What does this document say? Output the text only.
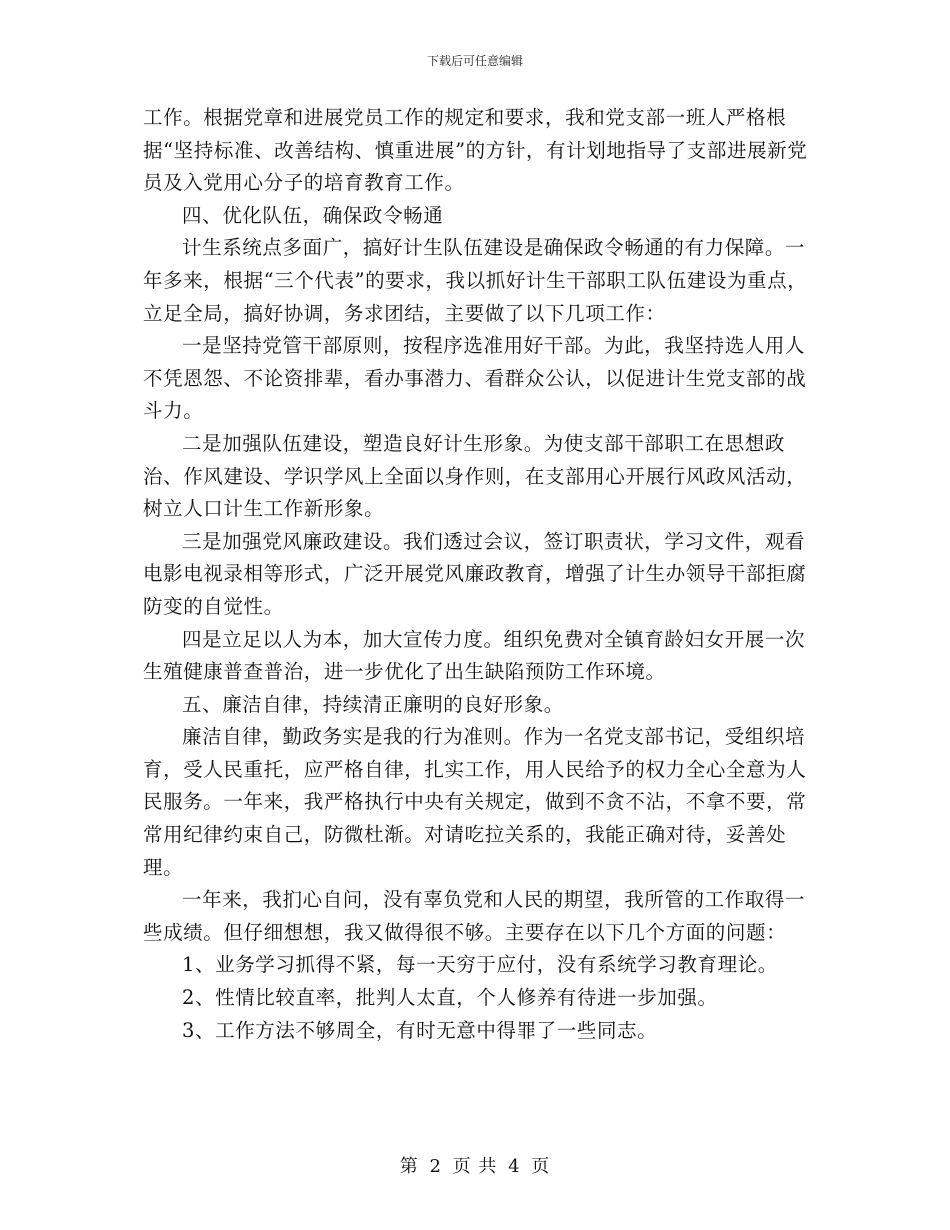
下载后可任意编辑

工作。根据党章和进展党员工作的规定和要求，我和党支部一班人严格根据“坚持标准、改善结构、慎重进展”的方针，有计划地指导了支部进展新党员及入党用心分子的培育教育工作。

四、优化队伍，确保政令畅通

计生系统点多面广，搞好计生队伍建设是确保政令畅通的有力保障。一年多来，根据“三个代表”的要求，我以抓好计生干部职工队伍建设为重点，立足全局，搞好协调，务求团结，主要做了以下几项工作：

一是坚持党管干部原则，按程序选准用好干部。为此，我坚持选人用人不凭恩怨、不论资排辈，看办事潜力、看群众公认，以促进计生党支部的战斗力。

二是加强队伍建设，塑造良好计生形象。为使支部干部职工在思想政治、作风建设、学识学风上全面以身作则，在支部用心开展行风政风活动，树立人口计生工作新形象。

三是加强党风廉政建设。我们透过会议，签订职责状，学习文件，观看电影电视录相等形式，广泛开展党风廉政教育，增强了计生办领导干部拒腐防变的自觉性。

四是立足以人为本，加大宣传力度。组织免费对全镇育龄妇女开展一次生殖健康普查普治，进一步优化了出生缺陷预防工作环境。

五、廉洁自律，持续清正廉明的良好形象。

廉洁自律，勤政务实是我的行为准则。作为一名党支部书记，受组织培育，受人民重托，应严格自律，扎实工作，用人民给予的权力全心全意为人民服务。一年来，我严格执行中央有关规定，做到不贪不沾，不拿不要，常常用纪律约束自己，防微杜渐。对请吃拉关系的，我能正确对待，妥善处理。

一年来，我扪心自问，没有辜负党和人民的期望，我所管的工作取得一些成绩。但仔细想想，我又做得很不够。主要存在以下几个方面的问题：

1、业务学习抓得不紧，每一天穷于应付，没有系统学习教育理论。

2、性情比较直率，批判人太直，个人修养有待进一步加强。

3、工作方法不够周全，有时无意中得罪了一些同志。

第 2 页 共 4 页
